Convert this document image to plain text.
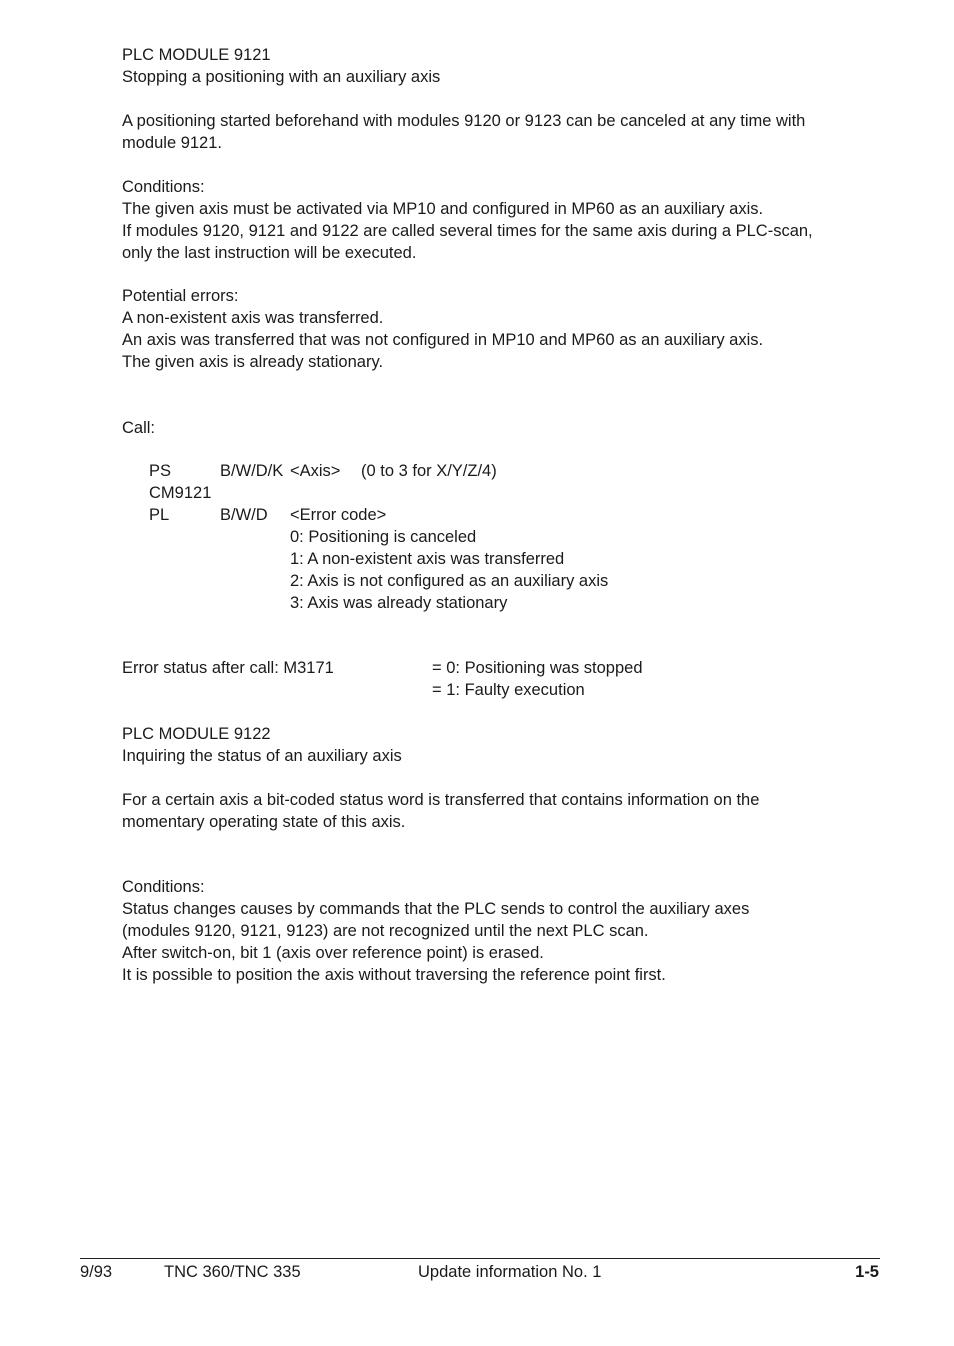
PLC MODULE 9121
Stopping a positioning with an auxiliary axis
A positioning started beforehand with modules 9120 or 9123 can be canceled at any time with
module 9121.
Conditions:
The given axis must be activated via MP10 and configured in MP60 as an auxiliary axis.
If modules 9120, 9121 and 9122 are called several times for the same axis during a PLC-scan,
only the last instruction will be executed.
Potential errors:
A non-existent axis was transferred.
An axis was transferred that was not configured in MP10 and MP60 as an auxiliary axis.
The given axis is already stationary.
Call:
PS	B/W/D/K <Axis> (0 to 3 for X/Y/Z/4)
CM9121
PL	B/W/D <Error code>
0: Positioning is canceled
1: A non-existent axis was transferred
2: Axis is not configured as an auxiliary axis
3: Axis was already stationary
Error status after call: M3171	= 0: Positioning was stopped
= 1: Faulty execution
PLC MODULE 9122
Inquiring the status of an auxiliary axis
For a certain axis a bit-coded status word is transferred that contains information on the
momentary operating state of this axis.
Conditions:
Status changes causes by commands that the PLC sends to control the auxiliary axes
(modules 9120, 9121, 9123) are not recognized until the next PLC scan.
After switch-on, bit 1 (axis over reference point) is erased.
It is possible to position the axis without traversing the reference point first.
9/93	TNC 360/TNC 335	Update information No. 1	1-5
